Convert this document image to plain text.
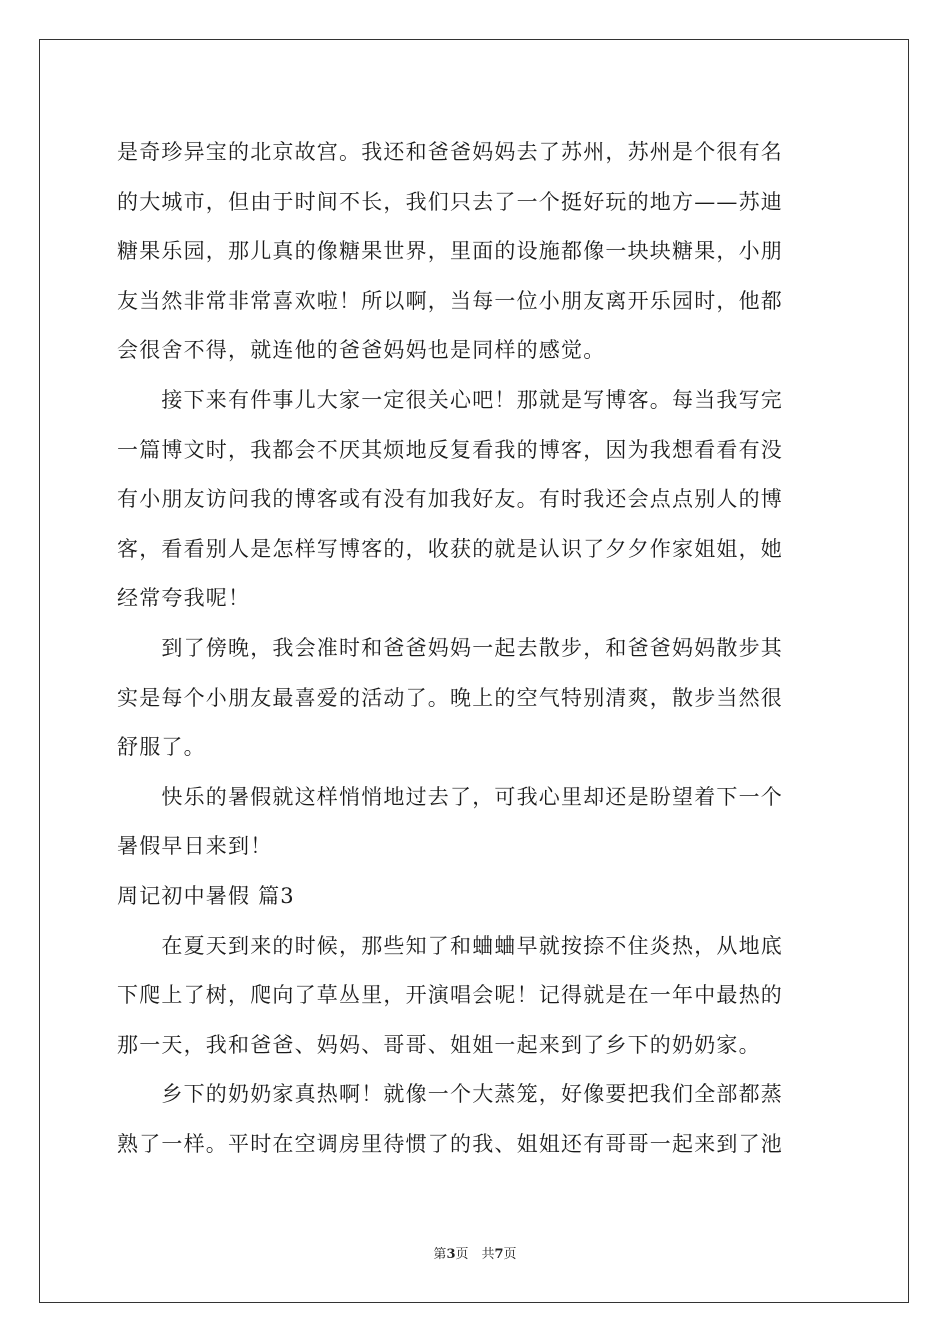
是奇珍异宝的北京故宫。我还和爸爸妈妈去了苏州，苏州是个很有名
的大城市，但由于时间不长，我们只去了一个挺好玩的地方——苏迪
糖果乐园，那儿真的像糖果世界，里面的设施都像一块块糖果，小朋
友当然非常非常喜欢啦！所以啊，当每一位小朋友离开乐园时，他都
会很舍不得，就连他的爸爸妈妈也是同样的感觉。
　　接下来有件事儿大家一定很关心吧！那就是写博客。每当我写完
一篇博文时，我都会不厌其烦地反复看我的博客，因为我想看看有没
有小朋友访问我的博客或有没有加我好友。有时我还会点点别人的博
客，看看别人是怎样写博客的，收获的就是认识了夕夕作家姐姐，她
经常夸我呢！
　　到了傍晚，我会准时和爸爸妈妈一起去散步，和爸爸妈妈散步其
实是每个小朋友最喜爱的活动了。晚上的空气特别清爽，散步当然很
舒服了。
　　快乐的暑假就这样悄悄地过去了，可我心里却还是盼望着下一个
暑假早日来到！
周记初中暑假 篇3
　　在夏天到来的时候，那些知了和蛐蛐早就按捺不住炎热，从地底
下爬上了树，爬向了草丛里，开演唱会呢！记得就是在一年中最热的
那一天，我和爸爸、妈妈、哥哥、姐姐一起来到了乡下的奶奶家。
　　乡下的奶奶家真热啊！就像一个大蒸笼，好像要把我们全部都蒸
熟了一样。平时在空调房里待惯了的我、姐姐还有哥哥一起来到了池
第3页　共7页
